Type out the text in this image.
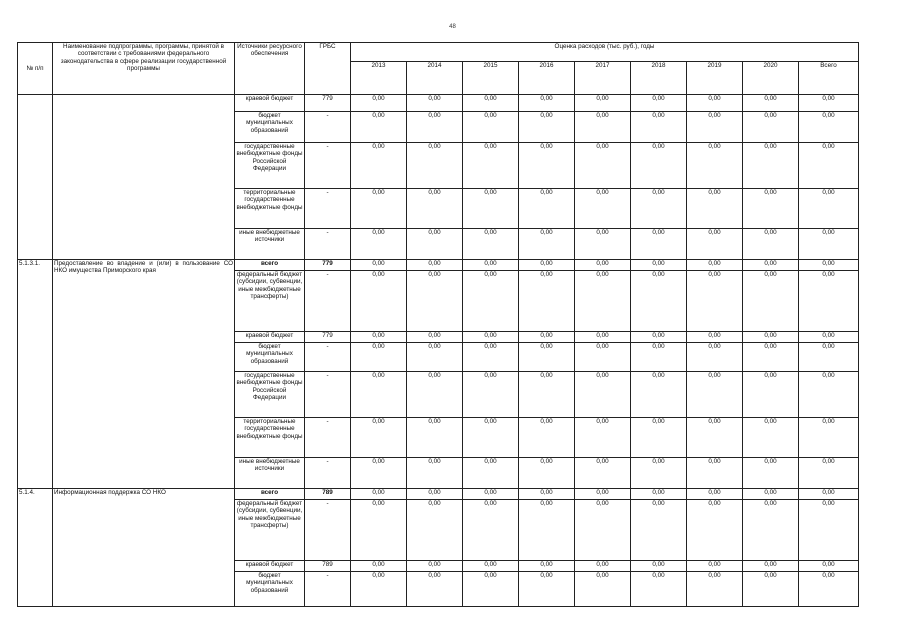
48
№ п/п	Наименование подпрограммы, программы, принятой в соответствии с требованиями федерального законодательства в сфере реализации государственной программы	Источники ресурсного обеспечения	ГРБС	Оценка расходов (тыс. руб.), годы								
				2013	2014	2015	2016	2017	2018	2019	2020	Всего
		краевой бюджет	779	0,00	0,00	0,00	0,00	0,00	0,00	0,00	0,00	0,00
		бюджет муниципальных образований	-	0,00	0,00	0,00	0,00	0,00	0,00	0,00	0,00	0,00
		государственные внебюджетные фонды Российской Федерации	-	0,00	0,00	0,00	0,00	0,00	0,00	0,00	0,00	0,00
		территориальные государственные внебюджетные фонды	-	0,00	0,00	0,00	0,00	0,00	0,00	0,00	0,00	0,00
		иные внебюджетные источники	-	0,00	0,00	0,00	0,00	0,00	0,00	0,00	0,00	0,00
5.1.3.1.	Предоставление во владение и (или) в пользование СО НКО имущества Приморского края	всего	779	0,00	0,00	0,00	0,00	0,00	0,00	0,00	0,00	0,00
		федеральный бюджет (субсидии, субвенции, иные межбюджетные трансферты)	-	0,00	0,00	0,00	0,00	0,00	0,00	0,00	0,00	0,00
		краевой бюджет	779	0,00	0,00	0,00	0,00	0,00	0,00	0,00	0,00	0,00
		бюджет муниципальных образований	-	0,00	0,00	0,00	0,00	0,00	0,00	0,00	0,00	0,00
		государственные внебюджетные фонды Российской Федерации	-	0,00	0,00	0,00	0,00	0,00	0,00	0,00	0,00	0,00
		территориальные государственные внебюджетные фонды	-	0,00	0,00	0,00	0,00	0,00	0,00	0,00	0,00	0,00
		иные внебюджетные источники	-	0,00	0,00	0,00	0,00	0,00	0,00	0,00	0,00	0,00
5.1.4.	Информационная поддержка СО НКО	всего	789	0,00	0,00	0,00	0,00	0,00	0,00	0,00	0,00	0,00
		федеральный бюджет (субсидии, субвенции, иные межбюджетные трансферты)	-	0,00	0,00	0,00	0,00	0,00	0,00	0,00	0,00	0,00
		краевой бюджет	789	0,00	0,00	0,00	0,00	0,00	0,00	0,00	0,00	0,00
		бюджет муниципальных образований	-	0,00	0,00	0,00	0,00	0,00	0,00	0,00	0,00	0,00
